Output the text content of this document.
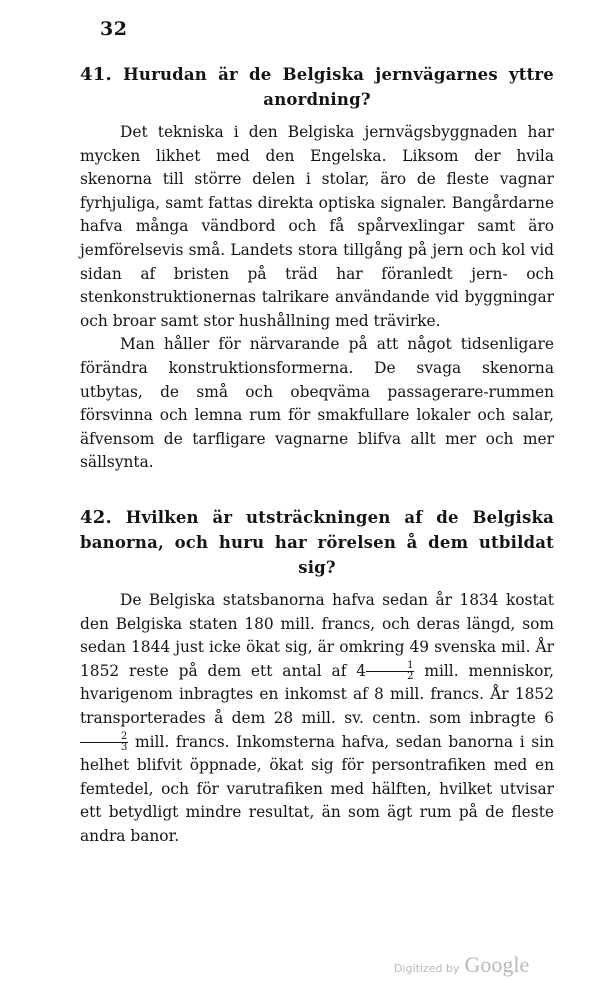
32
41. Hurudan är de Belgiska jernvägarnes yttre anordning?

Det tekniska i den Belgiska jernvägsbyggnaden har mycken likhet med den Engelska. Liksom der hvila skenorna till större delen i stolar, äro de fleste vagnar fyrhjuliga, samt fattas direkta optiska signaler. Bangårdarne hafva många vändbord och få spårvexlingar samt äro jemförelsevis små. Landets stora tillgång på jern och kol vid sidan af bristen på träd har föranledt jern- och stenkonstruktionernas talrikare användande vid byggningar och broar samt stor hushållning med trävirke.

Man håller för närvarande på att något tidsenligare förändra konstruktionsformerna. De svaga skenorna utbytas, de små och obeqväma passagerare-rummen försvinna och lemna rum för smakfullare lokaler och salar, äfvensom de tarfligare vagnarne blifva allt mer och mer sällsynta.

42. Hvilken är utsträckningen af de Belgiska banorna, och huru har rörelsen å dem utbildat sig?

De Belgiska statsbanorna hafva sedan år 1834 kostat den Belgiska staten 180 mill. francs, och deras längd, som sedan 1844 just icke ökat sig, är omkring 49 svenska mil. År 1852 reste på dem ett antal af $4 \frac{1}{2}$ mill. menniskor, hvarigenom inbragtes en inkomst af 8 mill. francs. År 1852 transporterades å dem 28 mill. sv. centn. som inbragte 6
$\frac{2}{3}$ mill. francs. Inkomsterna hafva, sedan banorna i sin helhet blifvit öppnade, ökat sig för persontrafiken med en femtedel, och för varutrafiken med hälften, hvilket utvisar ett betydligt mindre resultat, än som ägt rum på de fleste andra banor.

Digitized by Google
